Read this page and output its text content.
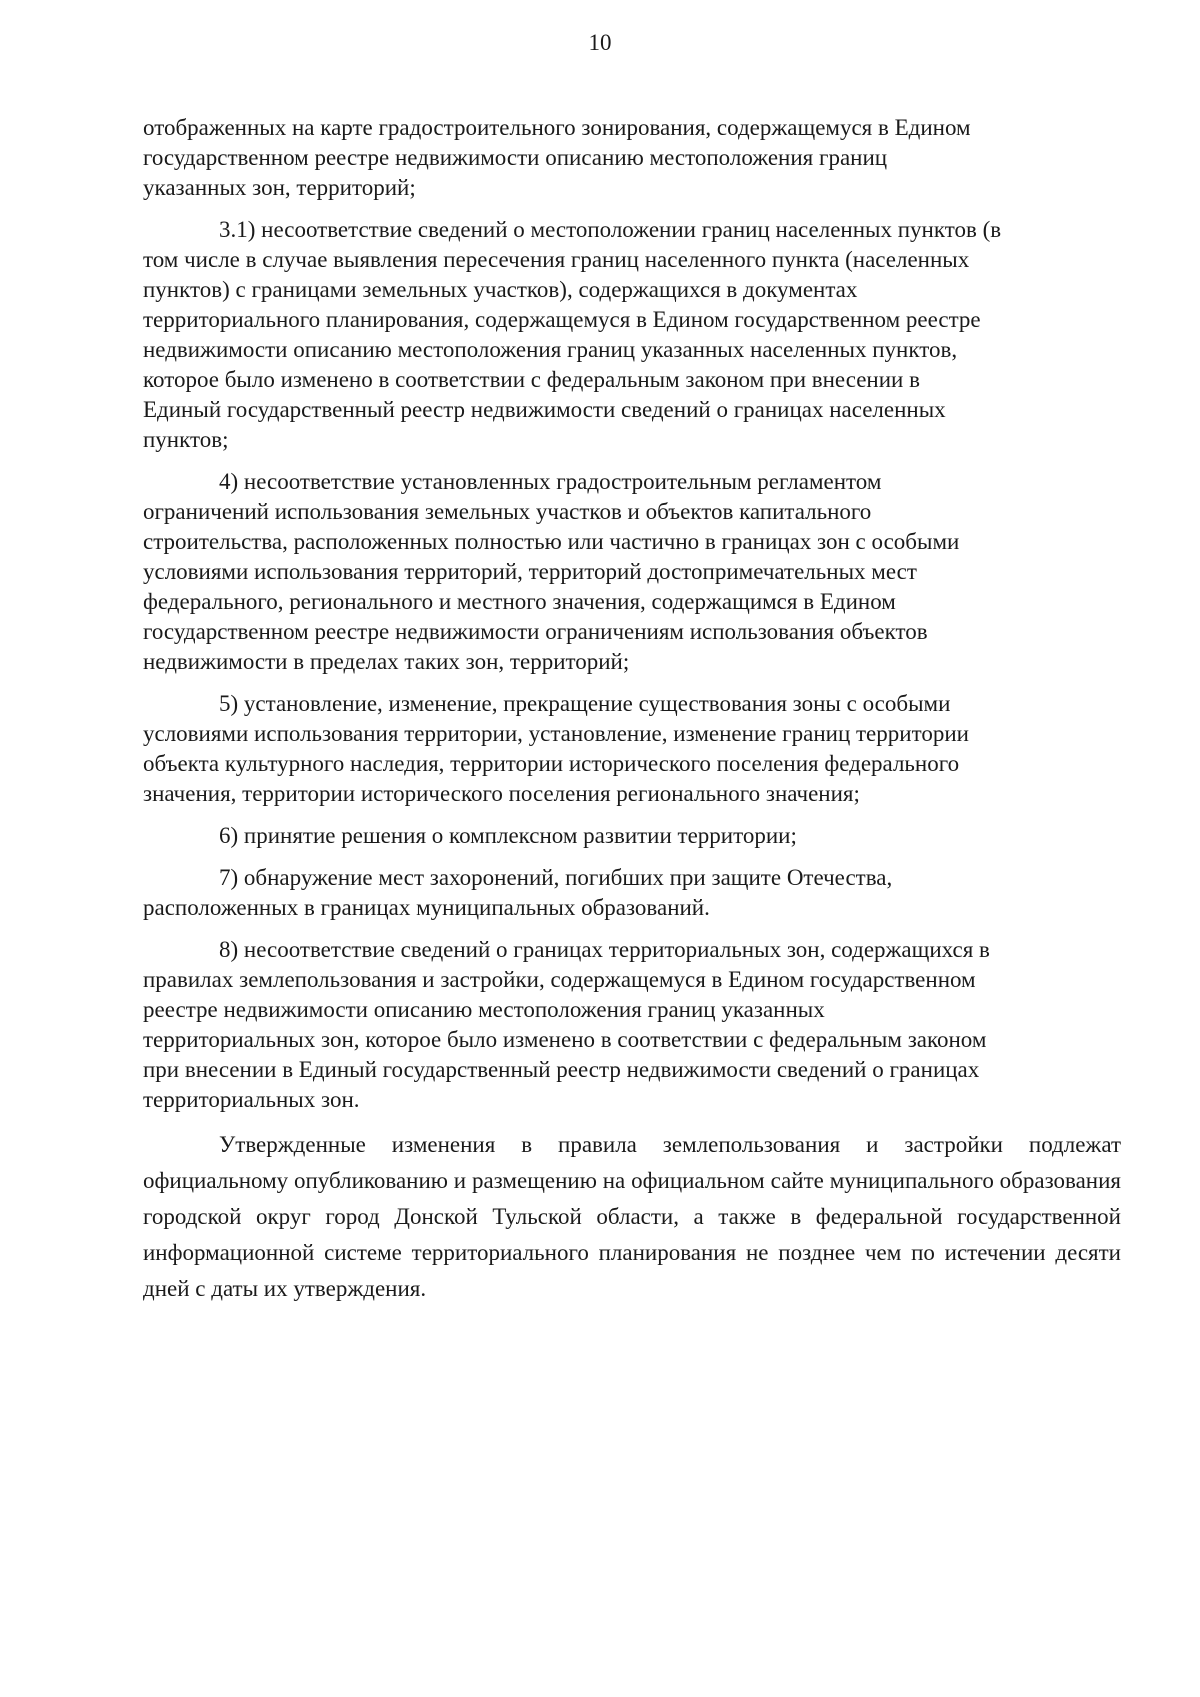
10

отображенных на карте градостроительного зонирования, содержащемуся в Едином
государственном реестре недвижимости описанию местоположения границ
указанных зон, территорий;

3.1) несоответствие сведений о местоположении границ населенных пунктов (в
том числе в случае выявления пересечения границ населенного пункта (населенных
пунктов) с границами земельных участков), содержащихся в документах
территориального планирования, содержащемуся в Едином государственном реестре
недвижимости описанию местоположения границ указанных населенных пунктов,
которое было изменено в соответствии с федеральным законом при внесении в
Единый государственный реестр недвижимости сведений о границах населенных
пунктов;

4) несоответствие установленных градостроительным регламентом
ограничений использования земельных участков и объектов капитального
строительства, расположенных полностью или частично в границах зон с особыми
условиями использования территорий, территорий достопримечательных мест
федерального, регионального и местного значения, содержащимся в Едином
государственном реестре недвижимости ограничениям использования объектов
недвижимости в пределах таких зон, территорий;

5) установление, изменение, прекращение существования зоны с особыми
условиями использования территории, установление, изменение границ территории
объекта культурного наследия, территории исторического поселения федерального
значения, территории исторического поселения регионального значения;

6) принятие решения о комплексном развитии территории;

7) обнаружение мест захоронений, погибших при защите Отечества,
расположенных в границах муниципальных образований.

8) несоответствие сведений о границах территориальных зон, содержащихся в
правилах землепользования и застройки, содержащемуся в Едином государственном
реестре недвижимости описанию местоположения границ указанных
территориальных зон, которое было изменено в соответствии с федеральным законом
при внесении в Единый государственный реестр недвижимости сведений о границах
территориальных зон.

Утвержденные изменения в правила землепользования и застройки подлежат официальному опубликованию и размещению на официальном сайте муниципального образования городской округ город Донской Тульской области, а также в федеральной государственной информационной системе территориального планирования не позднее чем по истечении десяти дней с даты их утверждения.
